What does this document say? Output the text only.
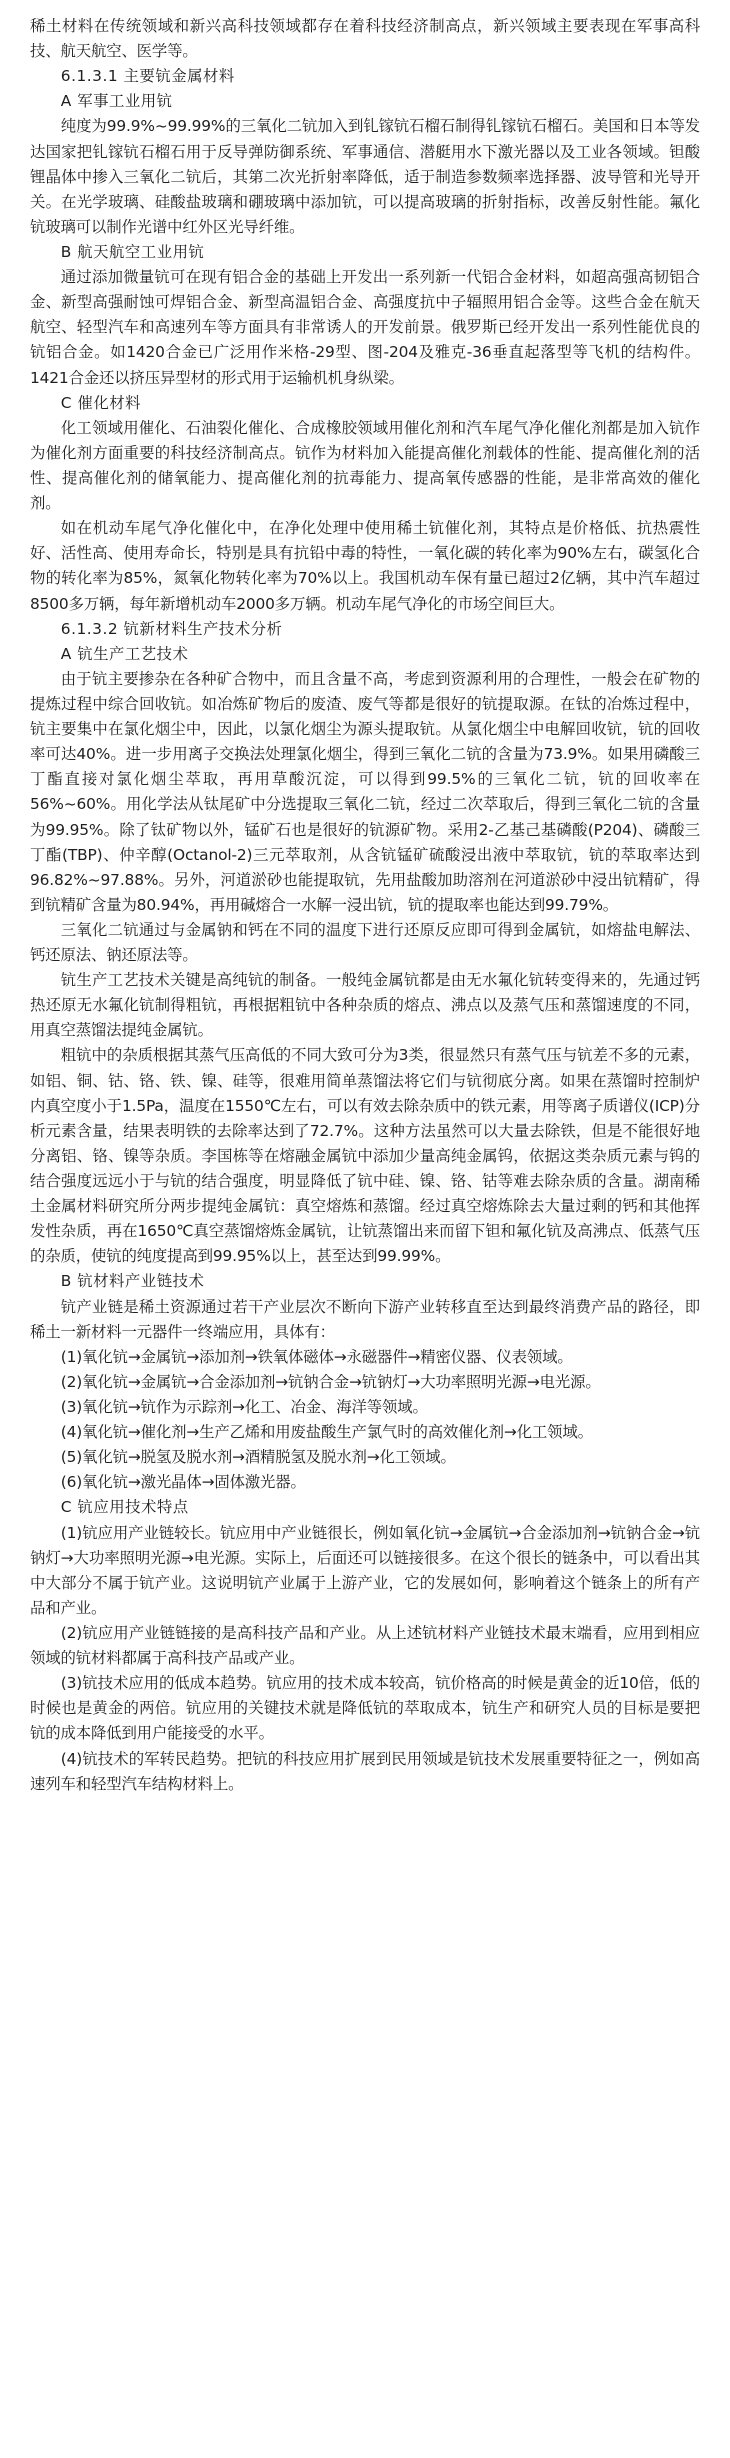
稀土材料在传统领域和新兴高科技领域都存在着科技经济制高点，新兴领域主要表现在军事高科技、航天航空、医学等。

6.1.3.1 主要钪金属材料

A 军事工业用钪

纯度为99.9%~99.99%的三氧化二钪加入到钆镓钪石榴石制得钆镓钪石榴石。美国和日本等发达国家把钆镓钪石榴石用于反导弹防御系统、军事通信、潜艇用水下激光器以及工业各领域。钽酸锂晶体中掺入三氧化二钪后，其第二次光折射率降低，适于制造参数频率选择器、波导管和光导开关。在光学玻璃、硅酸盐玻璃和硼玻璃中添加钪，可以提高玻璃的折射指标，改善反射性能。氟化钪玻璃可以制作光谱中红外区光导纤维。

B 航天航空工业用钪

通过添加微量钪可在现有铝合金的基础上开发出一系列新一代铝合金材料，如超高强高韧铝合金、新型高强耐蚀可焊铝合金、新型高温铝合金、高强度抗中子辐照用铝合金等。这些合金在航天航空、轻型汽车和高速列车等方面具有非常诱人的开发前景。俄罗斯已经开发出一系列性能优良的钪铝合金。如1420合金已广泛用作米格-29型、图-204及雅克-36垂直起落型等飞机的结构件。1421合金还以挤压异型材的形式用于运输机机身纵梁。

C 催化材料

化工领域用催化、石油裂化催化、合成橡胶领域用催化剂和汽车尾气净化催化剂都是加入钪作为催化剂方面重要的科技经济制高点。钪作为材料加入能提高催化剂载体的性能、提高催化剂的活性、提高催化剂的储氧能力、提高催化剂的抗毒能力、提高氧传感器的性能，是非常高效的催化剂。

如在机动车尾气净化催化中，在净化处理中使用稀土钪催化剂，其特点是价格低、抗热震性好、活性高、使用寿命长，特别是具有抗铅中毒的特性，一氧化碳的转化率为90%左右，碳氢化合物的转化率为85%，氮氧化物转化率为70%以上。我国机动车保有量已超过2亿辆，其中汽车超过8500多万辆，每年新增机动车2000多万辆。机动车尾气净化的市场空间巨大。

6.1.3.2 钪新材料生产技术分析

A 钪生产工艺技术

由于钪主要掺杂在各种矿合物中，而且含量不高，考虑到资源利用的合理性，一般会在矿物的提炼过程中综合回收钪。如冶炼矿物后的废渣、废气等都是很好的钪提取源。在钛的冶炼过程中，钪主要集中在氯化烟尘中，因此，以氯化烟尘为源头提取钪。从氯化烟尘中电解回收钪，钪的回收率可达40%。进一步用离子交换法处理氯化烟尘，得到三氧化二钪的含量为73.9%。如果用磷酸三丁酯直接对氯化烟尘萃取，再用草酸沉淀，可以得到99.5%的三氧化二钪，钪的回收率在56%~60%。用化学法从钛尾矿中分选提取三氧化二钪，经过二次萃取后，得到三氧化二钪的含量为99.95%。除了钛矿物以外，锰矿石也是很好的钪源矿物。采用2-乙基己基磷酸(P204)、磷酸三丁酯(TBP)、仲辛醇(Octanol-2)三元萃取剂，从含钪锰矿硫酸浸出液中萃取钪，钪的萃取率达到96.82%~97.88%。另外，河道淤砂也能提取钪，先用盐酸加助溶剂在河道淤砂中浸出钪精矿，得到钪精矿含量为80.94%，再用碱熔合一水解一浸出钪，钪的提取率也能达到99.79%。

三氧化二钪通过与金属钠和钙在不同的温度下进行还原反应即可得到金属钪，如熔盐电解法、钙还原法、钠还原法等。

钪生产工艺技术关键是高纯钪的制备。一般纯金属钪都是由无水氟化钪转变得来的，先通过钙热还原无水氟化钪制得粗钪，再根据粗钪中各种杂质的熔点、沸点以及蒸气压和蒸馏速度的不同，用真空蒸馏法提纯金属钪。

粗钪中的杂质根据其蒸气压高低的不同大致可分为3类，很显然只有蒸气压与钪差不多的元素，如铝、铜、钴、铬、铁、镍、硅等，很难用简单蒸馏法将它们与钪彻底分离。如果在蒸馏时控制炉内真空度小于1.5Pa，温度在1550℃左右，可以有效去除杂质中的铁元素，用等离子质谱仪(ICP)分析元素含量，结果表明铁的去除率达到了72.7%。这种方法虽然可以大量去除铁，但是不能很好地分离铝、铬、镍等杂质。李国栋等在熔融金属钪中添加少量高纯金属钨，依据这类杂质元素与钨的结合强度远远小于与钪的结合强度，明显降低了钪中硅、镍、铬、钴等难去除杂质的含量。湖南稀土金属材料研究所分两步提纯金属钪：真空熔炼和蒸馏。经过真空熔炼除去大量过剩的钙和其他挥发性杂质，再在1650℃真空蒸馏熔炼金属钪，让钪蒸馏出来而留下钽和氟化钪及高沸点、低蒸气压的杂质，使钪的纯度提高到99.95%以上，甚至达到99.99%。

B 钪材料产业链技术

钪产业链是稀土资源通过若干产业层次不断向下游产业转移直至达到最终消费产品的路径，即稀土一新材料一元器件一终端应用，具体有：

(1)氧化钪→金属钪→添加剂→铁氧体磁体→永磁器件→精密仪器、仪表领域。

(2)氧化钪→金属钪→合金添加剂→钪钠合金→钪钠灯→大功率照明光源→电光源。

(3)氧化钪→钪作为示踪剂→化工、冶金、海洋等领域。

(4)氧化钪→催化剂→生产乙烯和用废盐酸生产氯气时的高效催化剂→化工领域。

(5)氧化钪→脱氢及脱水剂→酒精脱氢及脱水剂→化工领域。

(6)氧化钪→激光晶体→固体激光器。

C 钪应用技术特点

(1)钪应用产业链较长。钪应用中产业链很长，例如氧化钪→金属钪→合金添加剂→钪钠合金→钪钠灯→大功率照明光源→电光源。实际上，后面还可以链接很多。在这个很长的链条中，可以看出其中大部分不属于钪产业。这说明钪产业属于上游产业，它的发展如何，影响着这个链条上的所有产品和产业。

(2)钪应用产业链链接的是高科技产品和产业。从上述钪材料产业链技术最末端看，应用到相应领域的钪材料都属于高科技产品或产业。

(3)钪技术应用的低成本趋势。钪应用的技术成本较高，钪价格高的时候是黄金的近10倍，低的时候也是黄金的两倍。钪应用的关键技术就是降低钪的萃取成本，钪生产和研究人员的目标是要把钪的成本降低到用户能接受的水平。

(4)钪技术的军转民趋势。把钪的科技应用扩展到民用领域是钪技术发展重要特征之一，例如高速列车和轻型汽车结构材料上。
